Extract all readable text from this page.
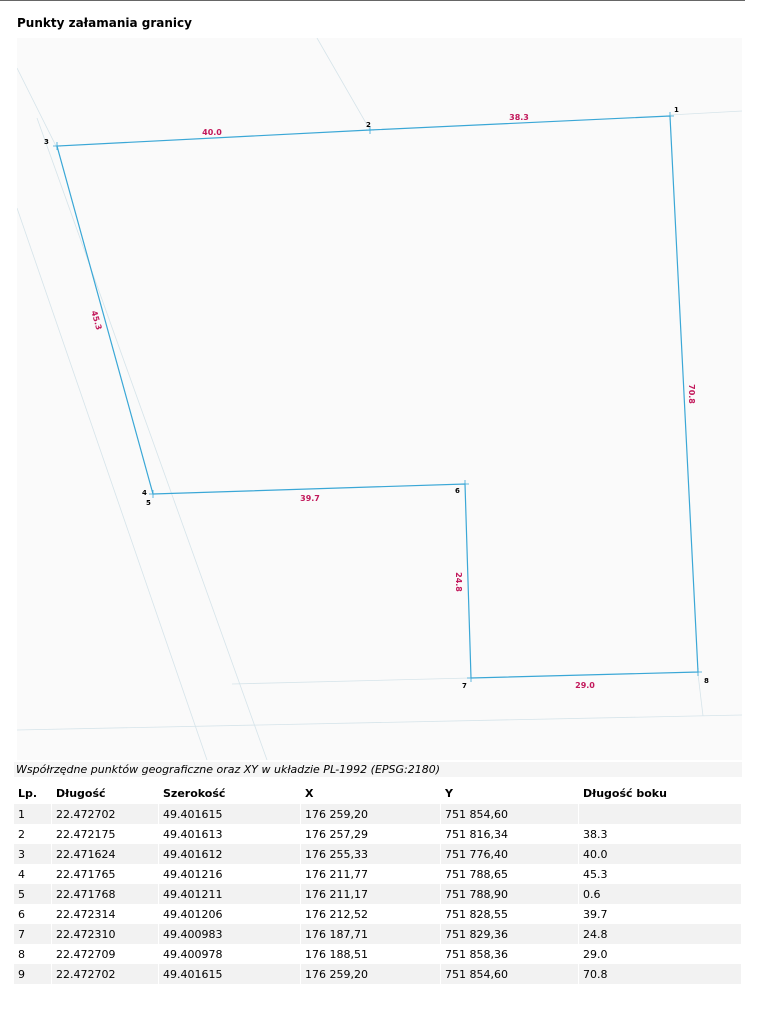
Punkty załamania granicy
1
2
3
4
5
6
7
8
38.3
40.0
45.3
39.7
24.8
29.0
70.8
Współrzędne punktów geograficzne oraz XY w układzie PL-1992 (EPSG:2180)
Lp.	Długość	Szerokość	X	Y	Długość boku
1	22.472702	49.401615	176 259,20	751 854,60	
2	22.472175	49.401613	176 257,29	751 816,34	38.3
3	22.471624	49.401612	176 255,33	751 776,40	40.0
4	22.471765	49.401216	176 211,77	751 788,65	45.3
5	22.471768	49.401211	176 211,17	751 788,90	0.6
6	22.472314	49.401206	176 212,52	751 828,55	39.7
7	22.472310	49.400983	176 187,71	751 829,36	24.8
8	22.472709	49.400978	176 188,51	751 858,36	29.0
9	22.472702	49.401615	176 259,20	751 854,60	70.8
